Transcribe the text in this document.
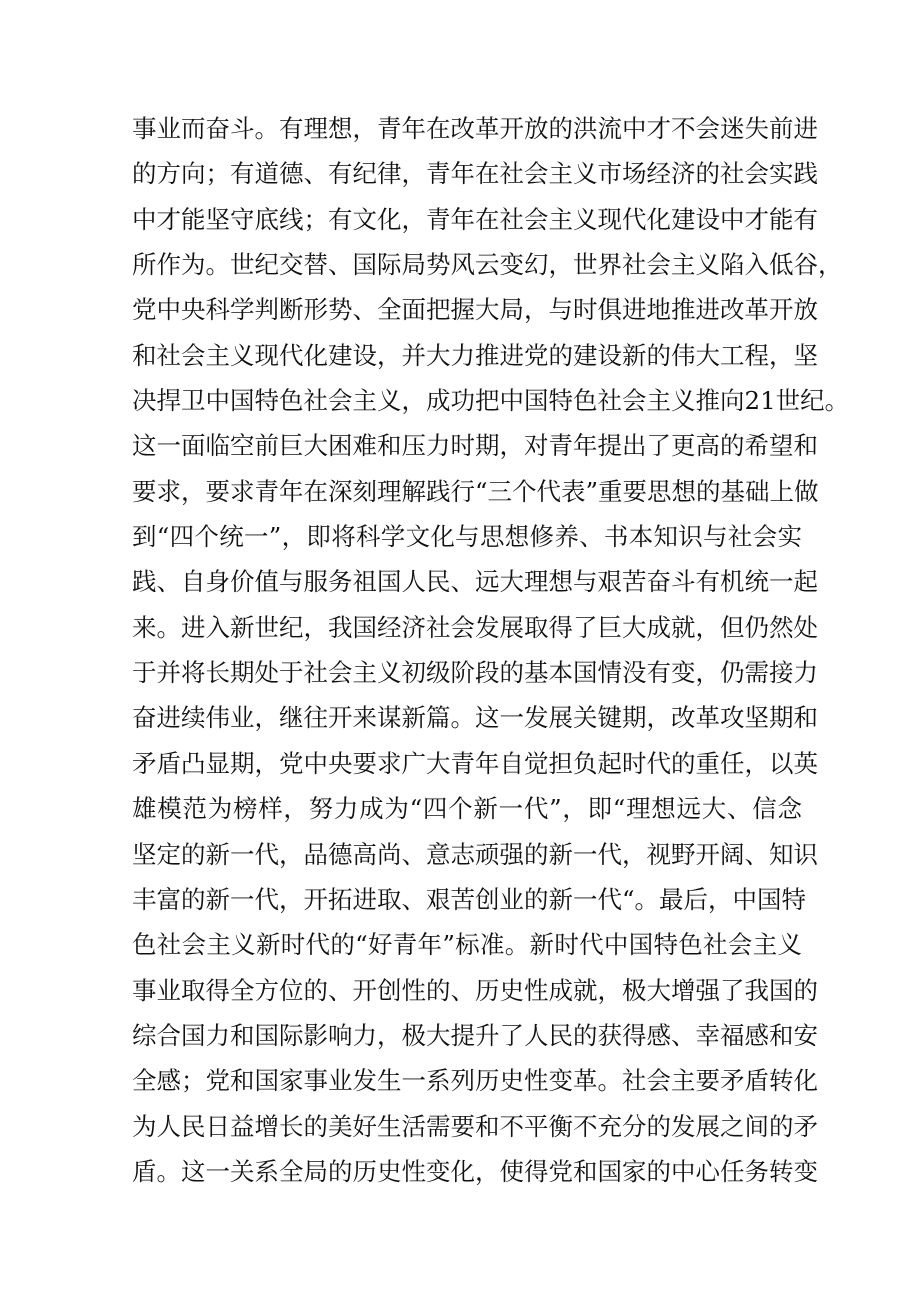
事业而奋斗。有理想，青年在改革开放的洪流中才不会迷失前进
的方向；有道德、有纪律，青年在社会主义市场经济的社会实践
中才能坚守底线；有文化，青年在社会主义现代化建设中才能有
所作为。世纪交替、国际局势风云变幻，世界社会主义陷入低谷，
党中央科学判断形势、全面把握大局，与时俱进地推进改革开放
和社会主义现代化建设，并大力推进党的建设新的伟大工程，坚
决捍卫中国特色社会主义，成功把中国特色社会主义推向21世纪。
这一面临空前巨大困难和压力时期，对青年提出了更高的希望和
要求，要求青年在深刻理解践行“三个代表”重要思想的基础上做
到“四个统一”，即将科学文化与思想修养、书本知识与社会实
践、自身价值与服务祖国人民、远大理想与艰苦奋斗有机统一起
来。进入新世纪，我国经济社会发展取得了巨大成就，但仍然处
于并将长期处于社会主义初级阶段的基本国情没有变，仍需接力
奋进续伟业，继往开来谋新篇。这一发展关键期，改革攻坚期和
矛盾凸显期，党中央要求广大青年自觉担负起时代的重任，以英
雄模范为榜样，努力成为“四个新一代”，即“理想远大、信念
坚定的新一代，品德高尚、意志顽强的新一代，视野开阔、知识
丰富的新一代，开拓进取、艰苦创业的新一代“。最后，中国特
色社会主义新时代的“好青年”标准。新时代中国特色社会主义
事业取得全方位的、开创性的、历史性成就，极大增强了我国的
综合国力和国际影响力，极大提升了人民的获得感、幸福感和安
全感；党和国家事业发生一系列历史性变革。社会主要矛盾转化
为人民日益增长的美好生活需要和不平衡不充分的发展之间的矛
盾。这一关系全局的历史性变化，使得党和国家的中心任务转变
